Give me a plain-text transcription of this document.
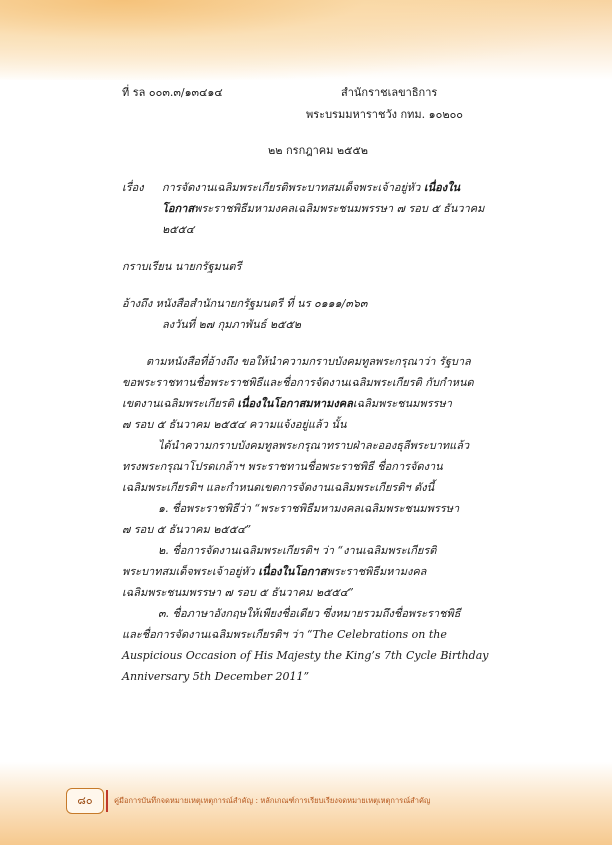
ที่ รล ๐๐๓.๓/๑๓๔๑๔	สำนักราชเลขาธิการ
พระบรมมหาราชวัง กทม. ๑๐๒๐๐
๒๒ กรกฎาคม ๒๕๕๒
เรื่อง การจัดงานเฉลิมพระเกียรติพระบาทสมเด็จพระเจ้าอยู่หัว เนื่องใน
โอกาสพระราชพิธีมหามงคลเฉลิมพระชนมพรรษา ๗ รอบ ๕ ธันวาคม
๒๕๕๔
กราบเรียน นายกรัฐมนตรี
อ้างถึง หนังสือสำนักนายกรัฐมนตรี ที่ นร ๐๑๑๑/๓๖๓
ลงวันที่ ๒๗ กุมภาพันธ์ ๒๕๕๒
ตามหนังสือที่อ้างถึง ขอให้นำความกราบบังคมทูลพระกรุณาว่า รัฐบาล
ขอพระราชทานชื่อพระราชพิธีและชื่อการจัดงานเฉลิมพระเกียรติ กับกำหนด
เขตงานเฉลิมพระเกียรติ เนื่องในโอกาสมหามงคลเฉลิมพระชนมพรรษา
๗ รอบ ๕ ธันวาคม ๒๕๕๔ ความแจ้งอยู่แล้ว นั้น
ได้นำความกราบบังคมทูลพระกรุณาทราบฝ่าละอองธุลีพระบาทแล้ว
ทรงพระกรุณาโปรดเกล้าฯ พระราชทานชื่อพระราชพิธี ชื่อการจัดงาน
เฉลิมพระเกียรติฯ และกำหนดเขตการจัดงานเฉลิมพระเกียรติฯ ดังนี้
๑. ชื่อพระราชพิธีว่า “พระราชพิธีมหามงคลเฉลิมพระชนมพรรษา
๗ รอบ ๕ ธันวาคม ๒๕๕๔”
๒. ชื่อการจัดงานเฉลิมพระเกียรติฯ ว่า “งานเฉลิมพระเกียรติ
พระบาทสมเด็จพระเจ้าอยู่หัว เนื่องในโอกาสพระราชพิธีมหามงคล
เฉลิมพระชนมพรรษา ๗ รอบ ๕ ธันวาคม ๒๕๕๔”
๓. ชื่อภาษาอังกฤษให้เพียงชื่อเดียว ซึ่งหมายรวมถึงชื่อพระราชพิธี
และชื่อการจัดงานเฉลิมพระเกียรติฯ ว่า “The Celebrations on the
Auspicious Occasion of His Majesty the King’s 7th Cycle Birthday
Anniversary 5th December 2011”
๘๐	คู่มือการบันทึกจดหมายเหตุเหตุการณ์สำคัญ : หลักเกณฑ์การเรียบเรียงจดหมายเหตุเหตุการณ์สำคัญ
